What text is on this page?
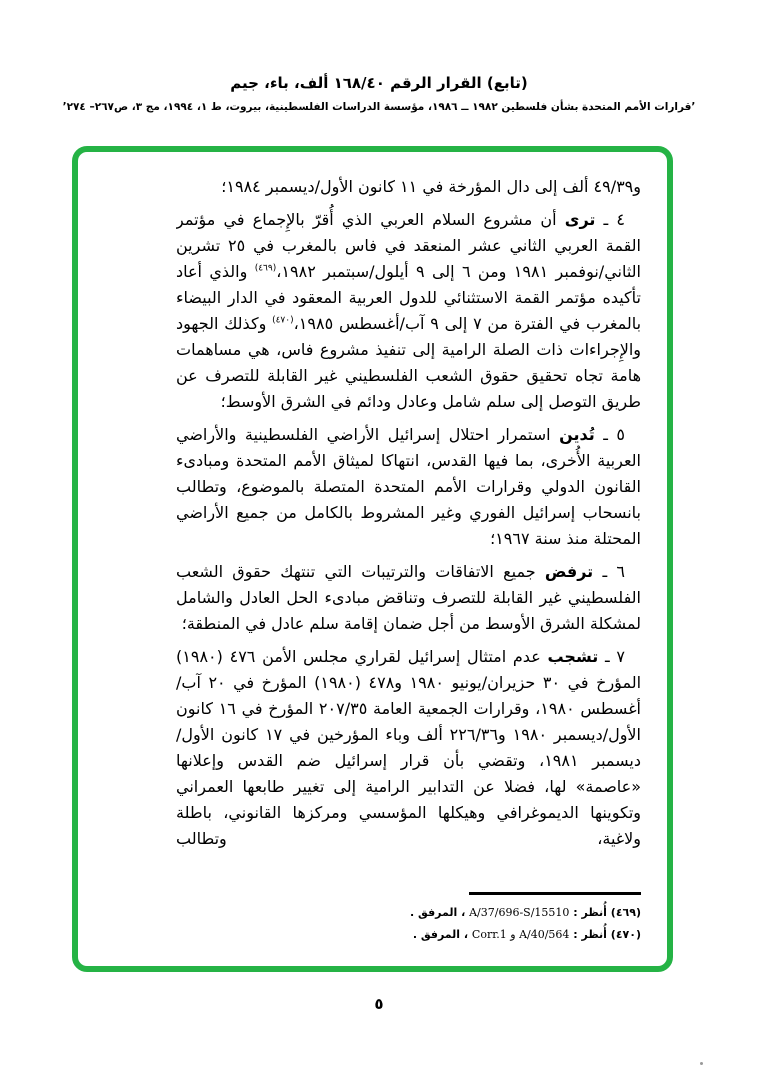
(تابع) القرار الرقم ١٦٨/٤٠ ألف، باء، جيم
’قرارات الأمم المتحدة بشأن فلسطين ١٩٨٢ ــ ١٩٨٦، مؤسسة الدراسات الفلسطينية، بيروت، ط ١، ١٩٩٤، مج ٣، ص٢٦٧– ٢٧٤’

و٤٩/٣٩ ألف إلى دال المؤرخة في ١١ كانون الأول/ديسمبر ١٩٨٤؛

٤ ـ ترى أن مشروع السلام العربي الذي أُقرّ بالإِجماع في مؤتمر القمة العربي الثاني عشر المنعقد في فاس بالمغرب في ٢٥ تشرين الثاني/نوفمبر ١٩٨١ ومن ٦ إلى ٩ أيلول/سبتمبر ١٩٨٢،$^{(٤٦٩)}$ والذي أعاد تأكيده مؤتمر القمة الاستثنائي للدول العربية المعقود في الدار البيضاء بالمغرب في الفترة من ٧ إلى ٩ آب/أغسطس ١٩٨٥،$^{(٤٧٠)}$ وكذلك الجهود والإِجراءات ذات الصلة الرامية إلى تنفيذ مشروع فاس، هي مساهمات هامة تجاه تحقيق حقوق الشعب الفلسطيني غير القابلة للتصرف عن طريق التوصل إلى سلم شامل وعادل ودائم في الشرق الأوسط؛

٥ ـ تُدين استمرار احتلال إسرائيل الأراضي الفلسطينية والأراضي العربية الأُخرى، بما فيها القدس، انتهاكا لميثاق الأمم المتحدة ومبادىء القانون الدولي وقرارات الأمم المتحدة المتصلة بالموضوع، وتطالب بانسحاب إسرائيل الفوري وغير المشروط بالكامل من جميع الأراضي المحتلة منذ سنة ١٩٦٧؛

٦ ـ ترفض جميع الاتفاقات والترتيبات التي تنتهك حقوق الشعب الفلسطيني غير القابلة للتصرف وتناقض مبادىء الحل العادل والشامل لمشكلة الشرق الأوسط من أجل ضمان إقامة سلم عادل في المنطقة؛

٧ ـ تشجب عدم امتثال إسرائيل لقراري مجلس الأمن ٤٧٦ (١٩٨٠) المؤرخ في ٣٠ حزيران/يونيو ١٩٨٠ و٤٧٨ (١٩٨٠) المؤرخ في ٢٠ آب/أغسطس ١٩٨٠، وقرارات الجمعية العامة ٢٠٧/٣٥ المؤرخ في ١٦ كانون الأول/ديسمبر ١٩٨٠ و٢٢٦/٣٦ ألف وباء المؤرخين في ١٧ كانون الأول/ديسمبر ١٩٨١، وتقضي بأن قرار إسرائيل ضم القدس وإعلانها «عاصمة» لها، فضلا عن التدابير الرامية إلى تغيير طابعها العمراني وتكوينها الديموغرافي وهيكلها المؤسسي ومركزها القانوني، باطلة ولاغية، وتطالب

(٤٦٩) أُنظر : A/37/696-S/15510 ، المرفق .
(٤٧٠) أُنظر : A/40/564 و Corr.1 ، المرفق .
٥
